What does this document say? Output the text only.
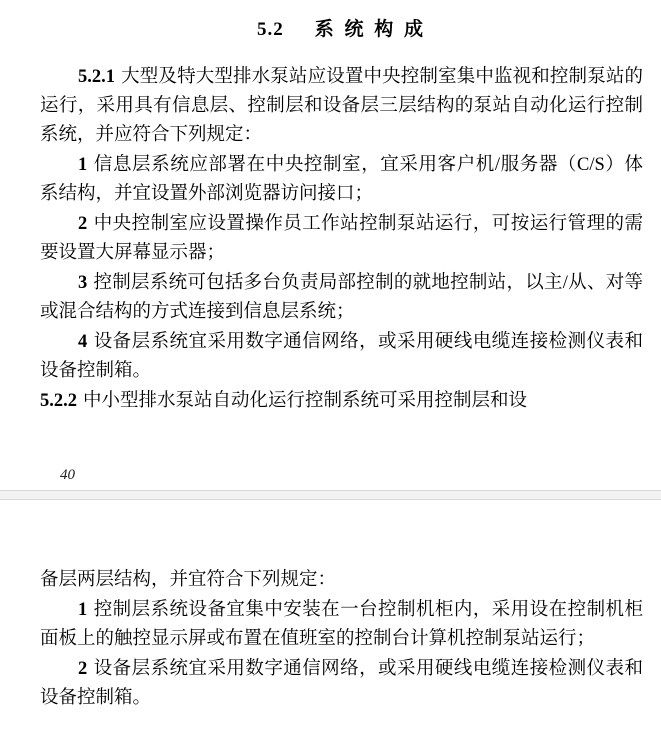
5.2 系 统 构 成

5.2.1 大型及特大型排水泵站应设置中央控制室集中监视和控制泵站的运行，采用具有信息层、控制层和设备层三层结构的泵站自动化运行控制系统，并应符合下列规定：

1 信息层系统应部署在中央控制室，宜采用客户机/服务器（C/S）体系结构，并宜设置外部浏览器访问接口；

2 中央控制室应设置操作员工作站控制泵站运行，可按运行管理的需要设置大屏幕显示器；

3 控制层系统可包括多台负责局部控制的就地控制站，以主/从、对等或混合结构的方式连接到信息层系统；

4 设备层系统宜采用数字通信网络，或采用硬线电缆连接检测仪表和设备控制箱。

5.2.2 中小型排水泵站自动化运行控制系统可采用控制层和设

40

备层两层结构，并宜符合下列规定：

1 控制层系统设备宜集中安装在一台控制机柜内，采用设在控制机柜面板上的触控显示屏或布置在值班室的控制台计算机控制泵站运行；

2 设备层系统宜采用数字通信网络，或采用硬线电缆连接检测仪表和设备控制箱。
